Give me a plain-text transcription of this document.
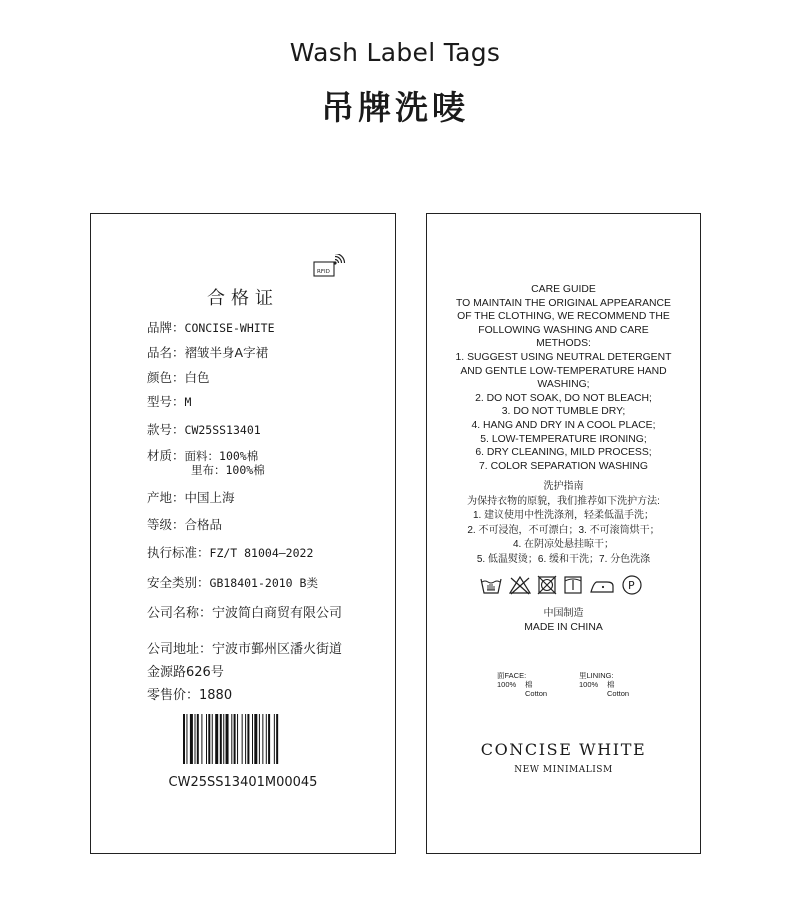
Wash Label Tags
吊牌洗唛
RFID
合格证
品牌：CONCISE-WHITE
品名：褶皱半身A字裙
颜色：白色
型号：M
款号：CW25SS13401
材质：面料：100%棉
里布：100%棉
产地：中国上海
等级：合格品
执行标准：FZ/T 81004—2022
安全类别：GB18401-2010 B类
公司名称：宁波简白商贸有限公司
公司地址：宁波市鄞州区潘火街道
金源路626号
零售价：1880
CW25SS13401M00045
CARE GUIDE
TO MAINTAIN THE ORIGINAL APPEARANCE
OF THE CLOTHING, WE RECOMMEND THE
FOLLOWING WASHING AND CARE
METHODS:
1. SUGGEST USING NEUTRAL DETERGENT
AND GENTLE LOW-TEMPERATURE HAND
WASHING;
2. DO NOT SOAK, DO NOT BLEACH;
3. DO NOT TUMBLE DRY;
4. HANG AND DRY IN A COOL PLACE;
5. LOW-TEMPERATURE IRONING;
6. DRY CLEANING, MILD PROCESS;
7. COLOR SEPARATION WASHING
洗护指南
为保持衣物的原貌，我们推荐如下洗护方法:
1. 建议使用中性洗涤剂，轻柔低温手洗；
2. 不可浸泡，不可漂白；3. 不可滚筒烘干；
4. 在阴凉处悬挂晾干；
5. 低温熨烫；6. 缓和干洗；7. 分色洗涤
P
中国制造
MADE IN CHINA
面FACE:
100% 棉
Cotton
里LINING:
100% 棉
Cotton
CONCISE WHITE
NEW MINIMALISM
